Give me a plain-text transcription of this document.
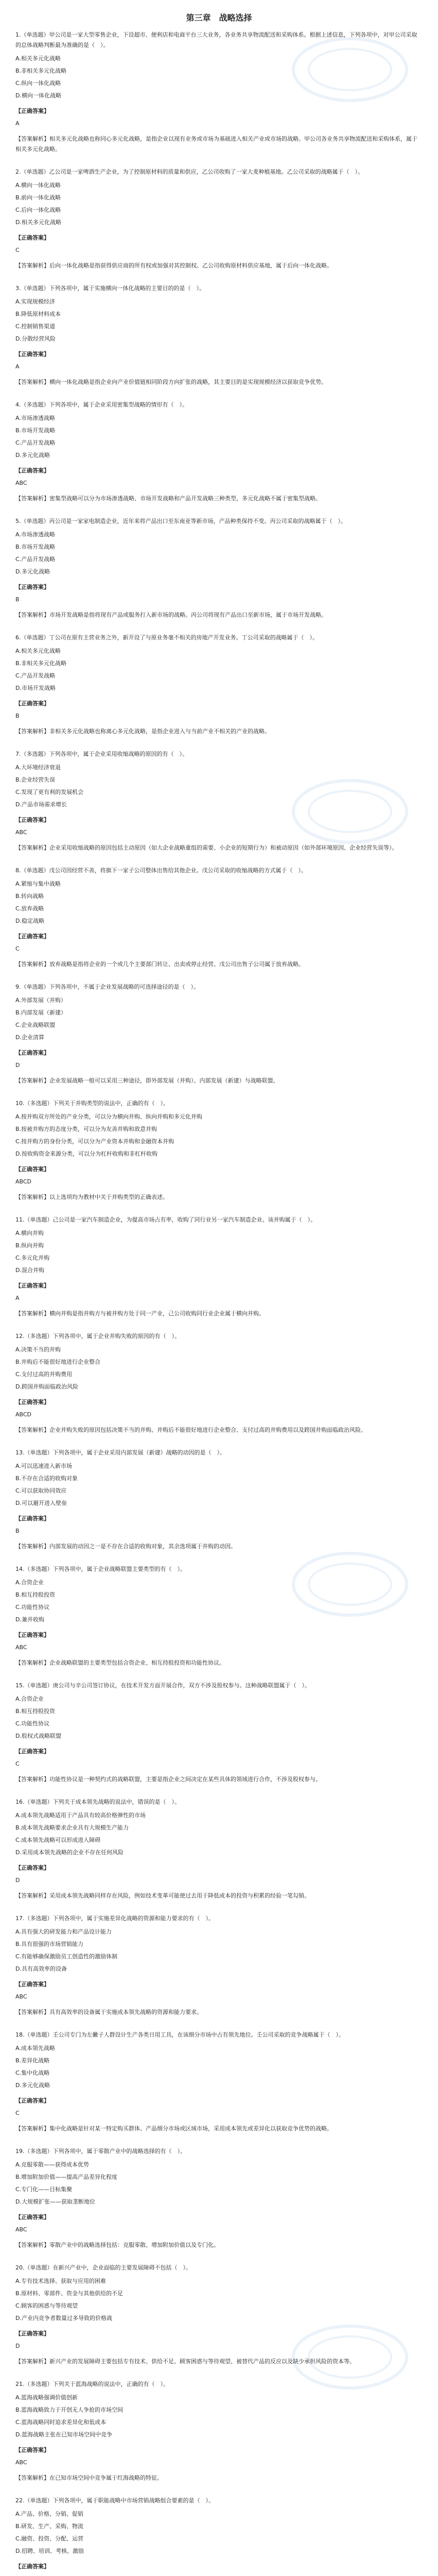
第三章　战略选择

1.（单选题）甲公司是一家大型零售企业，下设超市、便利店和电商平台三大业务，各业务共享物流配送和采购体系。根据上述信息，下列各项中，对甲公司采取的总体战略判断最为准确的是（　）。

A.相关多元化战略

B.非相关多元化战略

C.纵向一体化战略

D.横向一体化战略

【正确答案】

A

【答案解析】相关多元化战略也称同心多元化战略，是指企业以现有业务或市场为基础进入相关产业或市场的战略。甲公司各业务共享物流配送和采购体系，属于相关多元化战略。

2.（单选题）乙公司是一家啤酒生产企业，为了控制原材料的质量和供应，乙公司收购了一家大麦种植基地。乙公司采取的战略属于（　）。

A.横向一体化战略

B.前向一体化战略

C.后向一体化战略

D.相关多元化战略

【正确答案】

C

【答案解析】后向一体化战略是指获得供应商的所有权或加强对其控制权。乙公司收购原材料供应基地，属于后向一体化战略。

3.（单选题）下列各项中，属于实施横向一体化战略的主要目的的是（　）。

A.实现规模经济

B.降低原材料成本

C.控制销售渠道

D.分散经营风险

【正确答案】

A

【答案解析】横向一体化战略是指企业向产业价值链相同阶段方向扩张的战略，其主要目的是实现规模经济以获取竞争优势。

4.（多选题）下列各项中，属于企业采用密集型战略的情形有（　）。

A.市场渗透战略

B.市场开发战略

C.产品开发战略

D.多元化战略

【正确答案】

ABC

【答案解析】密集型战略可以分为市场渗透战略、市场开发战略和产品开发战略三种类型，多元化战略不属于密集型战略。

5.（单选题）丙公司是一家家电制造企业，近年来将产品出口至东南亚等新市场，产品种类保持不变。丙公司采取的战略属于（　）。

A.市场渗透战略

B.市场开发战略

C.产品开发战略

D.多元化战略

【正确答案】

B

【答案解析】市场开发战略是指将现有产品或服务打入新市场的战略。丙公司将现有产品出口至新市场，属于市场开发战略。

6.（单选题）丁公司在原有主营业务之外，新开设了与原业务毫不相关的房地产开发业务。丁公司采取的战略属于（　）。

A.相关多元化战略

B.非相关多元化战略

C.产品开发战略

D.市场开发战略

【正确答案】

B

【答案解析】非相关多元化战略也称离心多元化战略，是指企业进入与当前产业不相关的产业的战略。

7.（多选题）下列各项中，属于企业采用收缩战略的原因的有（　）。

A.大环境经济衰退

B.企业经营失误

C.发现了更有利的发展机会

D.产品市场需求增长

【正确答案】

ABC

【答案解析】企业采用收缩战略的原因包括主动原因（如大企业战略重组的需要、小企业的短期行为）和被动原因（如外部环境原因、企业经营失误等）。

8.（单选题）戊公司因经营不善，将旗下一家子公司整体出售给其他企业。戊公司采取的收缩战略的方式属于（　）。

A.紧缩与集中战略

B.转向战略

C.放弃战略

D.稳定战略

【正确答案】

C

【答案解析】放弃战略是指将企业的一个或几个主要部门转让、出卖或停止经营。戊公司出售子公司属于放弃战略。

9.（单选题）下列各项中，不属于企业发展战略的可选择途径的是（　）。

A.外部发展（并购）

B.内部发展（新建）

C.企业战略联盟

D.企业清算

【正确答案】

D

【答案解析】企业发展战略一般可以采用三种途径，即外部发展（并购）、内部发展（新建）与战略联盟。

10.（多选题）下列关于并购类型的说法中，正确的有（　）。

A.按并购双方所处的产业分类，可以分为横向并购、纵向并购和多元化并购

B.按被并购方的态度分类，可以分为友善并购和敌意并购

C.按并购方的身份分类，可以分为产业资本并购和金融资本并购

D.按收购资金来源分类，可以分为杠杆收购和非杠杆收购

【正确答案】

ABCD

【答案解析】以上选项均为教材中关于并购类型的正确表述。

11.（单选题）己公司是一家汽车制造企业，为提高市场占有率，收购了同行业另一家汽车制造企业。该并购属于（　）。

A.横向并购

B.纵向并购

C.多元化并购

D.混合并购

【正确答案】

A

【答案解析】横向并购是指并购方与被并购方处于同一产业，己公司收购同行业企业属于横向并购。

12.（多选题）下列各项中，属于企业并购失败的原因的有（　）。

A.决策不当的并购

B.并购后不能很好地进行企业整合

C.支付过高的并购费用

D.跨国并购面临政治风险

【正确答案】

ABCD

【答案解析】企业并购失败的原因包括决策不当的并购、并购后不能很好地进行企业整合、支付过高的并购费用以及跨国并购面临政治风险。

13.（单选题）下列各项中，属于企业采用内部发展（新建）战略的动因的是（　）。

A.可以迅速进入新市场

B.不存在合适的收购对象

C.可以获取协同效应

D.可以避开进入壁垒

【正确答案】

B

【答案解析】内部发展的动因之一是不存在合适的收购对象，其余选项属于并购的动因。

14.（多选题）下列各项中，属于企业战略联盟主要类型的有（　）。

A.合资企业

B.相互持股投资

C.功能性协议

D.兼并收购

【正确答案】

ABC

【答案解析】企业战略联盟的主要类型包括合资企业、相互持股投资和功能性协议。

15.（单选题）庚公司与辛公司签订协议，在技术开发方面开展合作，双方不涉及股权参与。这种战略联盟属于（　）。

A.合资企业

B.相互持股投资

C.功能性协议

D.股权式战略联盟

【正确答案】

C

【答案解析】功能性协议是一种契约式的战略联盟，主要是指企业之间决定在某些具体的领域进行合作，不涉及股权参与。

16.（单选题）下列关于成本领先战略的说法中，错误的是（　）。

A.成本领先战略适用于产品具有较高价格弹性的市场

B.成本领先战略要求企业具有大规模生产能力

C.成本领先战略可以形成进入障碍

D.采用成本领先战略的企业不存在任何风险

【正确答案】

D

【答案解析】采用成本领先战略同样存在风险，例如技术变革可能使过去用于降低成本的投资与积累的经验一笔勾销。

17.（多选题）下列各项中，属于实施差异化战略的资源和能力要求的有（　）。

A.具有强大的研发能力和产品设计能力

B.具有很强的市场营销能力

C.有能够确保激励员工创造性的激励体制

D.具有高效率的设备

【正确答案】

ABC

【答案解析】具有高效率的设备属于实施成本领先战略的资源和能力要求。

18.（单选题）壬公司专门为左撇子人群设计生产各类日用工具，在该细分市场中占有领先地位。壬公司采取的竞争战略属于（　）。

A.成本领先战略

B.差异化战略

C.集中化战略

D.多元化战略

【正确答案】

C

【答案解析】集中化战略是针对某一特定购买群体、产品细分市场或区域市场，采用成本领先或差异化以获取竞争优势的战略。

19.（多选题）下列各项中，属于零散产业中的战略选择的有（　）。

A.克服零散——获得成本优势

B.增加附加价值——提高产品差异化程度

C.专门化——目标集聚

D.大规模扩张——获取垄断地位

【正确答案】

ABC

【答案解析】零散产业中的战略选择包括：克服零散、增加附加价值以及专门化。

20.（单选题）在新兴产业中，企业面临的主要发展障碍不包括（　）。

A.专有技术选择、获取与应用的困难

B.原材料、零部件、资金与其他供给的不足

C.顾客的困惑与等待观望

D.产业内竞争者数量过多导致的价格战

【正确答案】

D

【答案解析】新兴产业的发展障碍主要包括专有技术、供给不足、顾客困惑与等待观望、被替代产品的反应以及缺少承担风险的资本等。

21.（多选题）下列关于蓝海战略的说法中，正确的有（　）。

A.蓝海战略强调价值创新

B.蓝海战略致力于开创无人争抢的市场空间

C.蓝海战略同时追求差异化和低成本

D.蓝海战略主张在已知市场空间中竞争

【正确答案】

ABC

【答案解析】在已知市场空间中竞争属于红海战略的特征。

22.（单选题）下列各项中，属于职能战略中市场营销战略组合要素的是（　）。

A.产品、价格、分销、促销

B.研发、生产、采购、物流

C.融资、投资、分配、运营

D.招聘、培训、考核、激励

【正确答案】
